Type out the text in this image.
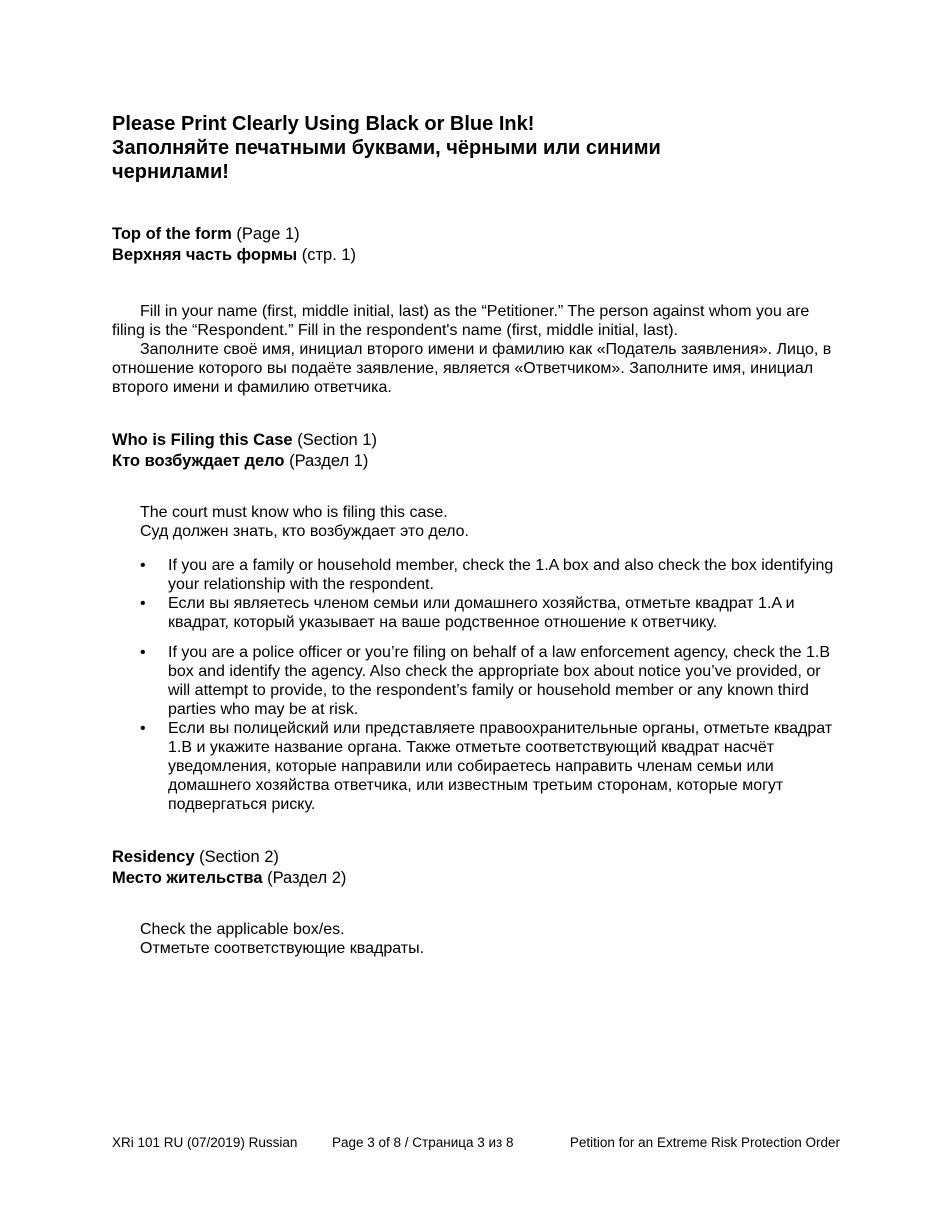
Please Print Clearly Using Black or Blue Ink!

Заполняйте печатными буквами, чёрными или синими

чернилами!

Top of the form (Page 1)

Верхняя часть формы (стр. 1)

Fill in your name (first, middle initial, last) as the “Petitioner.” The person against whom you are filing is the “Respondent.” Fill in the respondent's name (first, middle initial, last).

Заполните своё имя, инициал второго имени и фамилию как «Податель заявления». Лицо, в отношение которого вы подаёте заявление, является «Ответчиком». Заполните имя, инициал второго имени и фамилию ответчика.

Who is Filing this Case (Section 1)

Кто возбуждает дело (Раздел 1)

The court must know who is filing this case.

Суд должен знать, кто возбуждает это дело.

• If you are a family or household member, check the 1.A box and also check the box identifying your relationship with the respondent.
• Если вы являетесь членом семьи или домашнего хозяйства, отметьте квадрат 1.A и квадрат, который указывает на ваше родственное отношение к ответчику.
• If you are a police officer or you’re filing on behalf of a law enforcement agency, check the 1.B box and identify the agency. Also check the appropriate box about notice you’ve provided, or will attempt to provide, to the respondent’s family or household member or any known third parties who may be at risk.
• Если вы полицейский или представляете правоохранительные органы, отметьте квадрат 1.B и укажите название органа. Также отметьте соответствующий квадрат насчёт уведомления, которые направили или собираетесь направить членам семьи или домашнего хозяйства ответчика, или известным третьим сторонам, которые могут подвергаться риску.

Residency (Section 2)

Место жительства (Раздел 2)

Check the applicable box/es.

Отметьте соответствующие квадраты.

XRi 101 RU (07/2019) Russian	Page 3 of 8 / Страница 3 из 8	Petition for an Extreme Risk Protection Order
